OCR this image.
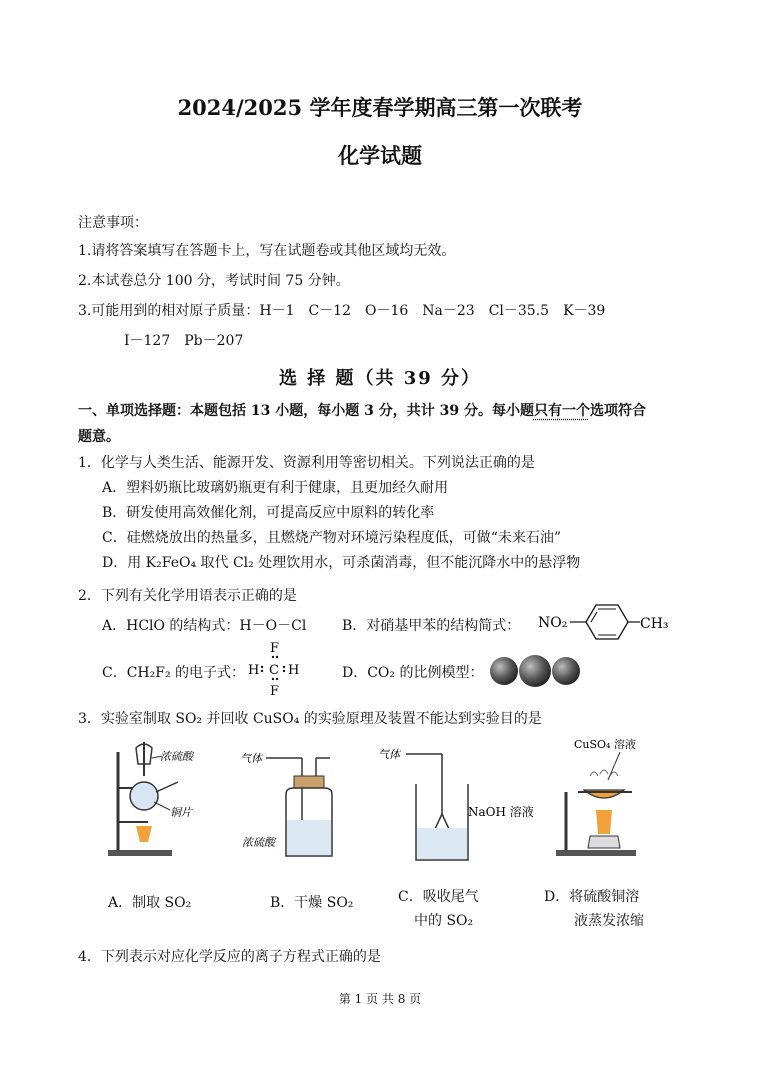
2024/2025 学年度春学期高三第一次联考
化学试题
注意事项：
1.请将答案填写在答题卡上，写在试题卷或其他区域均无效。
2.本试卷总分 100 分，考试时间 75 分钟。
3.可能用到的相对原子质量：H－1　C－12　O－16　Na－23　Cl－35.5　K－39
I－127　Pb－207
选 择 题（共 39 分）
一、单项选择题：本题包括 13 小题，每小题 3 分，共计 39 分。每小题只有一个选项符合
题意。
1．化学与人类生活、能源开发、资源利用等密切相关。下列说法正确的是
A．塑料奶瓶比玻璃奶瓶更有利于健康，且更加经久耐用
B．研发使用高效催化剂，可提高反应中原料的转化率
C．硅燃烧放出的热量多，且燃烧产物对环境污染程度低，可做“未来石油”
D．用 K₂FeO₄ 取代 Cl₂ 处理饮用水，可杀菌消毒，但不能沉降水中的悬浮物
2．下列有关化学用语表示正确的是
A．HClO 的结构式：H－O－Cl	B．对硝基甲苯的结构简式： NO₂	CH₃
C．CH₂F₂ 的电子式：
F
H C H
F
D．CO₂ 的比例模型：
3．实验室制取 SO₂ 并回收 CuSO₄ 的实验原理及装置不能达到实验目的是
浓硫酸
铜片
气体
浓硫酸
气体
NaOH 溶液
CuSO₄ 溶液
A．制取 SO₂	B．干燥 SO₂	C．吸收尾气
中的 SO₂
D．将硫酸铜溶
液蒸发浓缩
4．下列表示对应化学反应的离子方程式正确的是
第 1 页 共 8 页
